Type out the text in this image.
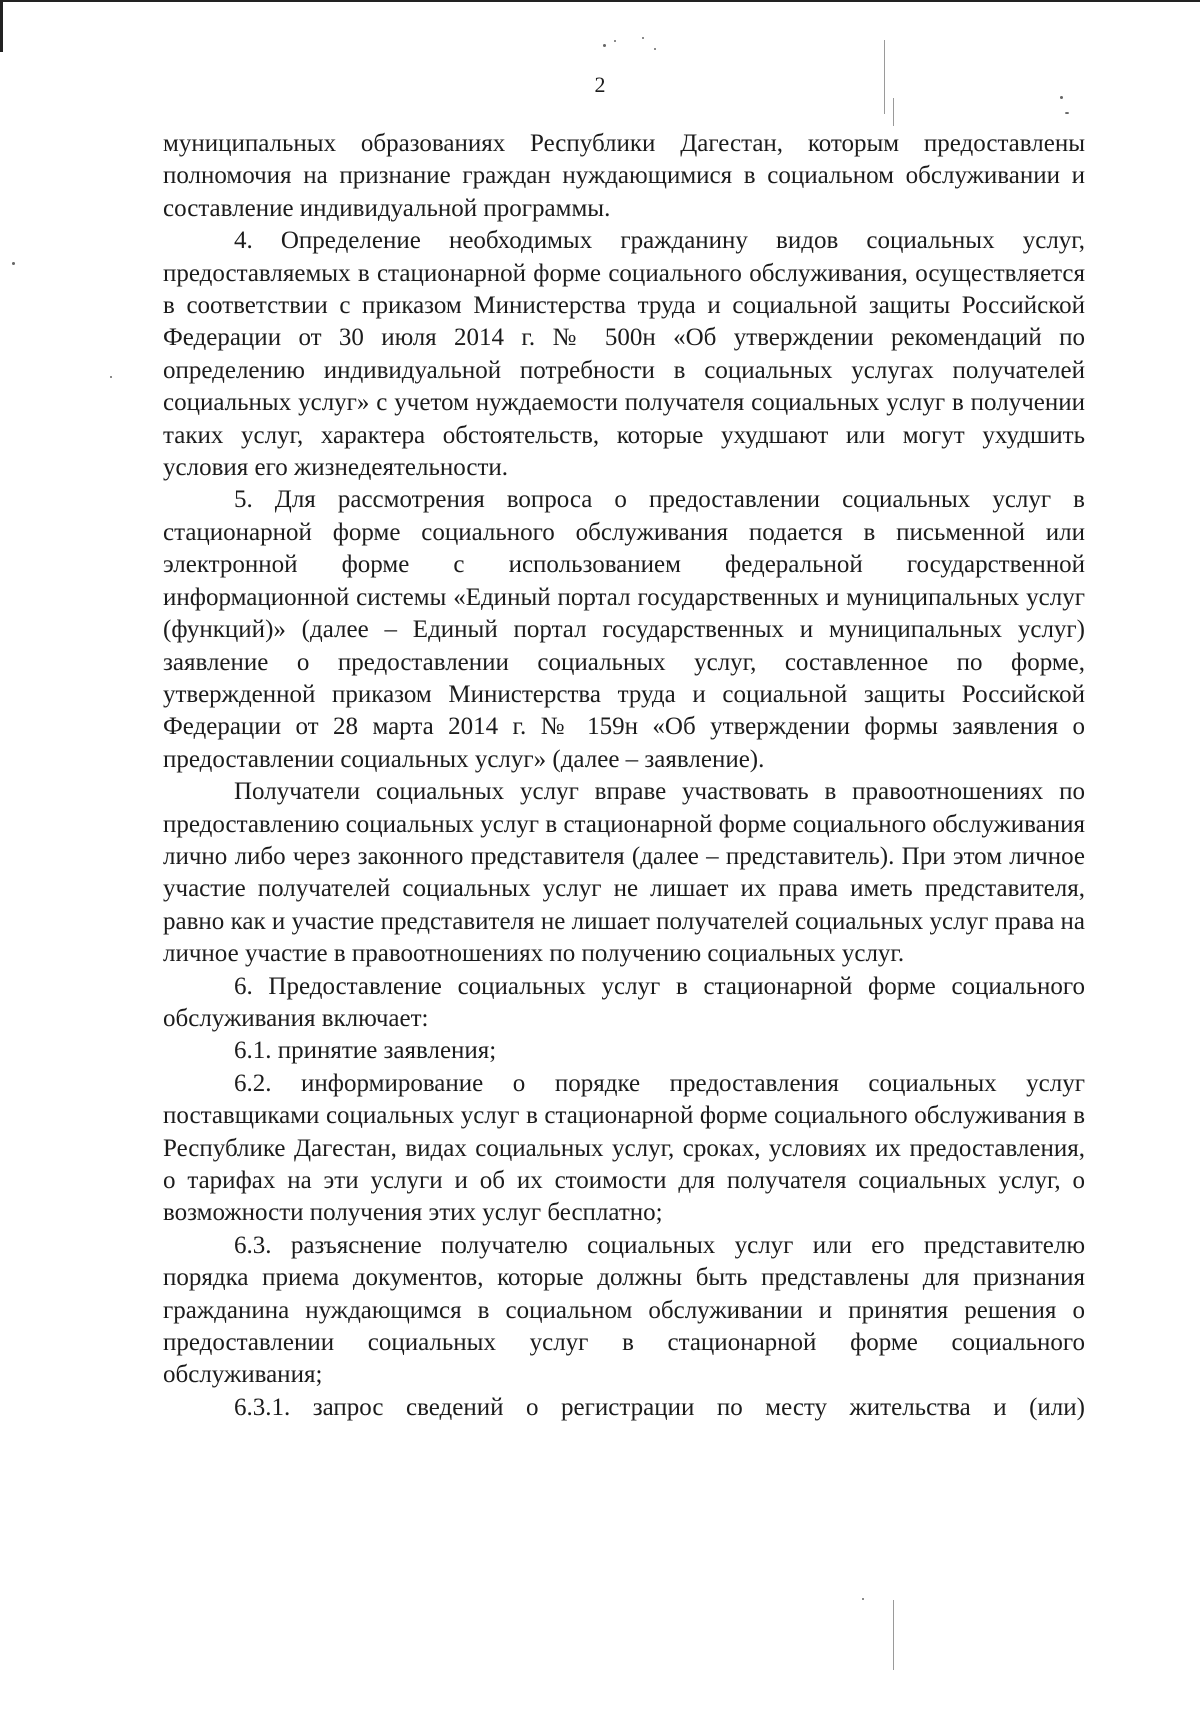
2

муниципальных образованиях Республики Дагестан, которым предоставлены полномочия на признание граждан нуждающимися в социальном обслуживании и составление индивидуальной программы.

4. Определение необходимых гражданину видов социальных услуг, предоставляемых в стационарной форме социального обслуживания, осуществляется в соответствии с приказом Министерства труда и социальной защиты Российской Федерации от 30 июля 2014 г. № 500н «Об утверждении рекомендаций по определению индивидуальной потребности в социальных услугах получателей социальных услуг» с учетом нуждаемости получателя социальных услуг в получении таких услуг, характера обстоятельств, которые ухудшают или могут ухудшить условия его жизнедеятельности.

5. Для рассмотрения вопроса о предоставлении социальных услуг в стационарной форме социального обслуживания подается в письменной или электронной форме с использованием федеральной государственной информационной системы «Единый портал государственных и муниципальных услуг (функций)» (далее – Единый портал государственных и муниципальных услуг) заявление о предоставлении социальных услуг, составленное по форме, утвержденной приказом Министерства труда и социальной защиты Российской Федерации от 28 марта 2014 г. № 159н «Об утверждении формы заявления о предоставлении социальных услуг» (далее – заявление).

Получатели социальных услуг вправе участвовать в правоотношениях по предоставлению социальных услуг в стационарной форме социального обслуживания лично либо через законного представителя (далее – представитель). При этом личное участие получателей социальных услуг не лишает их права иметь представителя, равно как и участие представителя не лишает получателей социальных услуг права на личное участие в правоотношениях по получению социальных услуг.

6. Предоставление социальных услуг в стационарной форме социального обслуживания включает:

6.1. принятие заявления;

6.2. информирование о порядке предоставления социальных услуг поставщиками социальных услуг в стационарной форме социального обслуживания в Республике Дагестан, видах социальных услуг, сроках, условиях их предоставления, о тарифах на эти услуги и об их стоимости для получателя социальных услуг, о возможности получения этих услуг бесплатно;

6.3. разъяснение получателю социальных услуг или его представителю порядка приема документов, которые должны быть представлены для признания гражданина нуждающимся в социальном обслуживании и принятия решения о предоставлении социальных услуг в стационарной форме социального обслуживания;

6.3.1. запрос сведений о регистрации по месту жительства и (или)
